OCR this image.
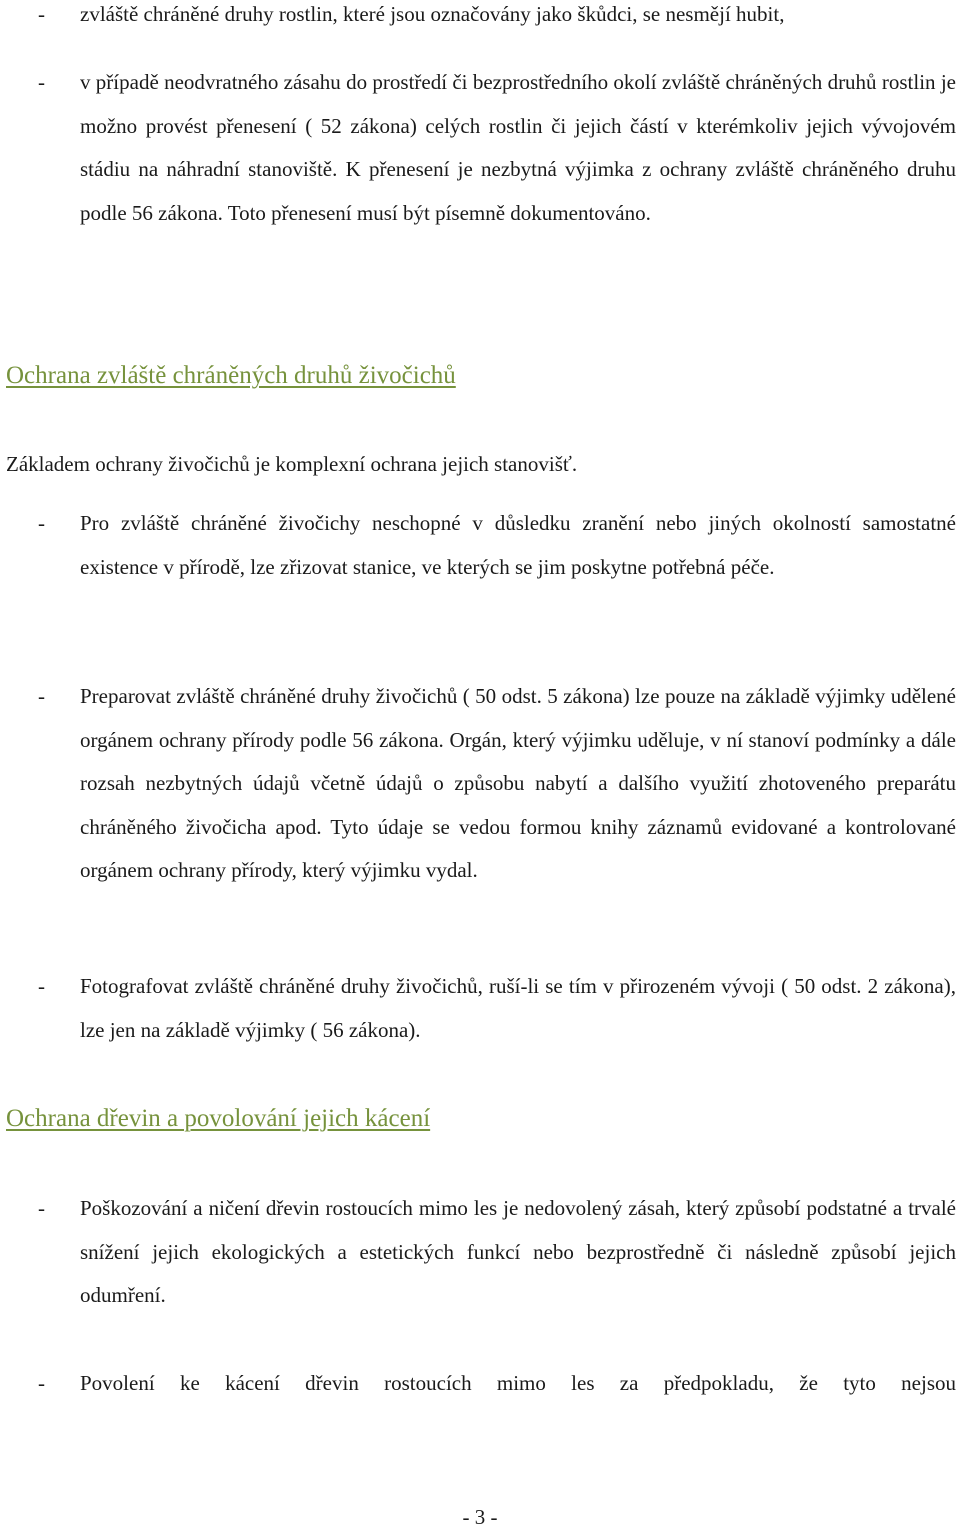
-	zvláště chráněné druhy rostlin, které jsou označovány jako škůdci, se nesmějí hubit,
-	v případě neodvratného zásahu do prostředí či bezprostředního okolí zvláště chráněných druhů rostlin je možno provést přenesení ( 52 zákona) celých rostlin či jejich částí v kterémkoliv jejich vývojovém stádiu na náhradní stanoviště. K přenesení je nezbytná výjimka z ochrany zvláště chráněného druhu podle 56 zákona. Toto přenesení musí být písemně dokumentováno.
Ochrana zvláště chráněných druhů živočichů
Základem ochrany živočichů je komplexní ochrana jejich stanovišť.
-	Pro zvláště chráněné živočichy neschopné v důsledku zranění nebo jiných okolností samostatné existence v přírodě, lze zřizovat stanice, ve kterých se jim poskytne potřebná péče.
-	Preparovat zvláště chráněné druhy živočichů ( 50 odst. 5 zákona) lze pouze na základě výjimky udělené orgánem ochrany přírody podle 56 zákona. Orgán, který výjimku uděluje, v ní stanoví podmínky a dále rozsah nezbytných údajů včetně údajů o způsobu nabytí a dalšího využití zhotoveného preparátu chráněného živočicha apod. Tyto údaje se vedou formou knihy záznamů evidované a kontrolované orgánem ochrany přírody, který výjimku vydal.
-	Fotografovat zvláště chráněné druhy živočichů, ruší-li se tím v přirozeném vývoji ( 50 odst. 2 zákona), lze jen na základě výjimky ( 56 zákona).
Ochrana dřevin a povolování jejich kácení
-	Poškozování a ničení dřevin rostoucích mimo les je nedovolený zásah, který způsobí podstatné a trvalé snížení jejich ekologických a estetických funkcí nebo bezprostředně či následně způsobí jejich odumření.
-	Povolení ke kácení dřevin rostoucích mimo les za předpokladu, že tyto nejsou
- 3 -
